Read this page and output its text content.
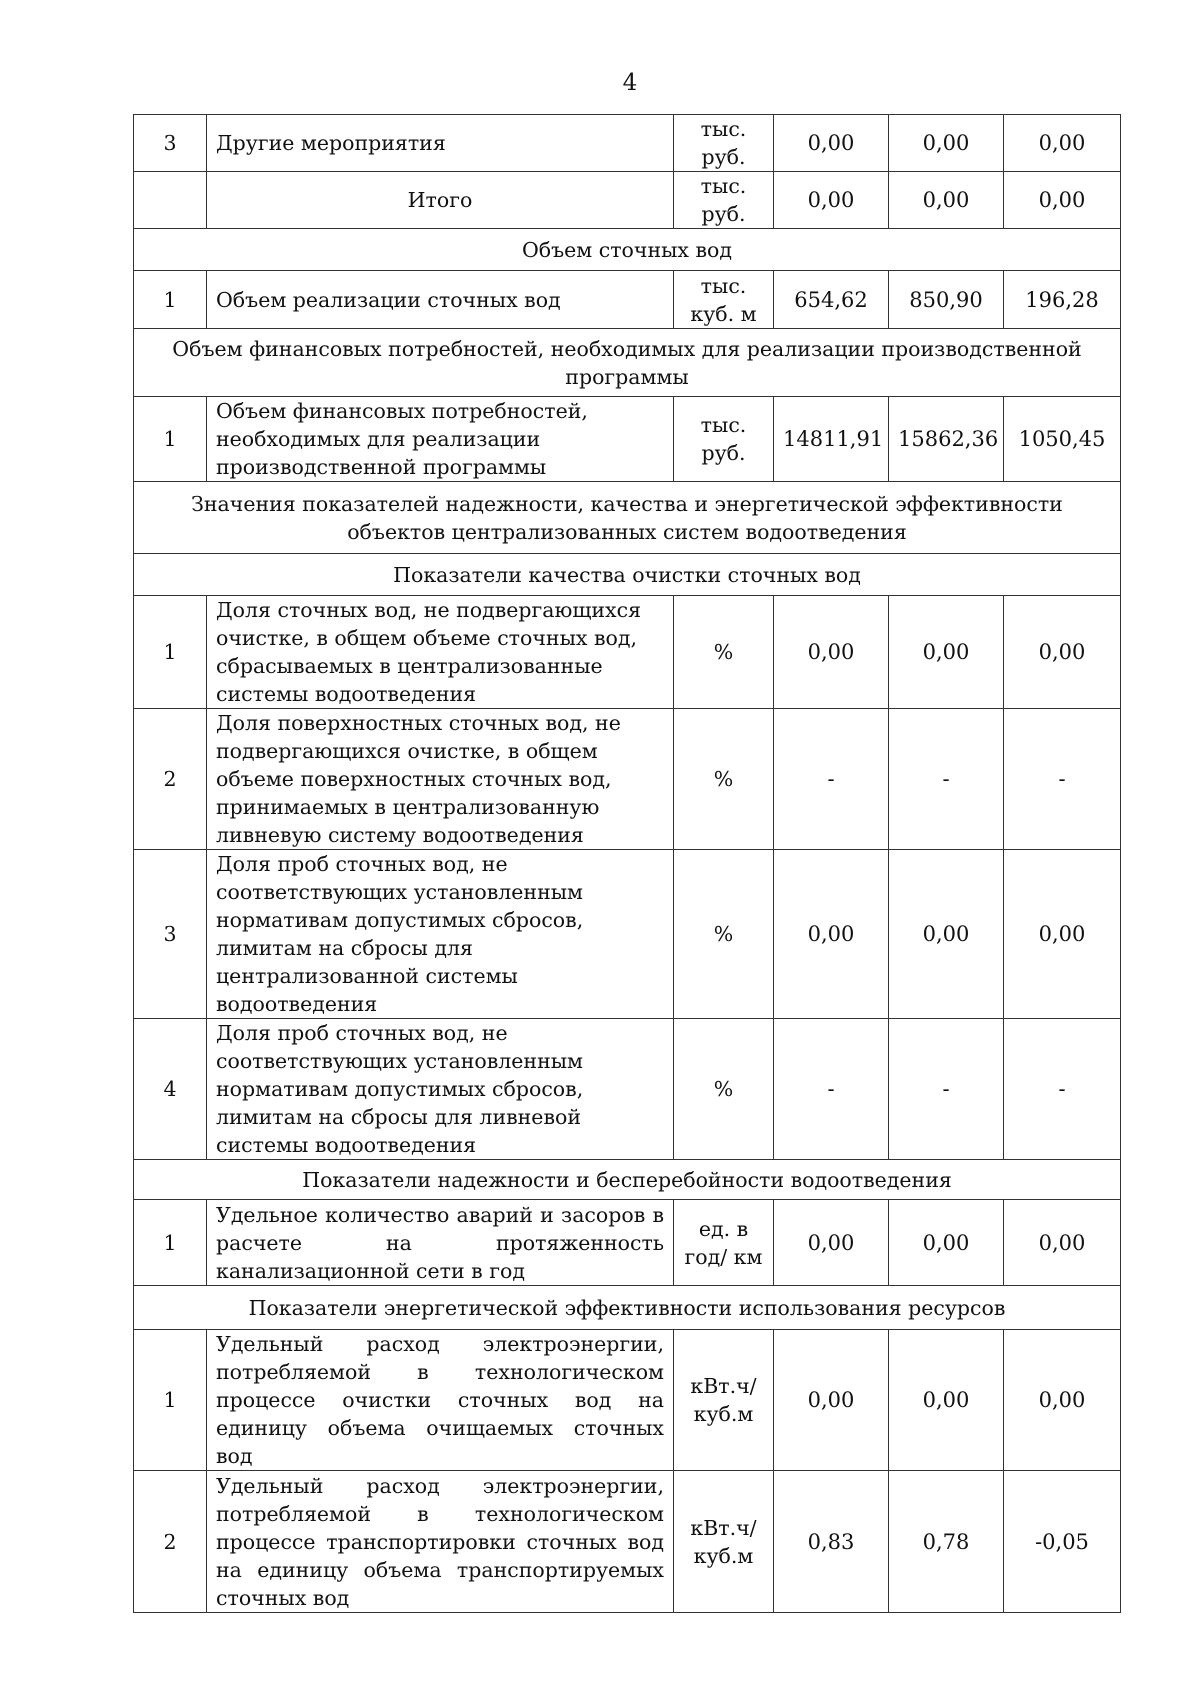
4
3	Другие мероприятия	тыс. руб.	0,00	0,00	0,00
	Итого	тыс. руб.	0,00	0,00	0,00
Объем сточных вод					
1	Объем реализации сточных вод	тыс. куб. м	654,62	850,90	196,28
Объем финансовых потребностей, необходимых для реализации производственной программы					
1	Объем финансовых потребностей, необходимых для реализации производственной программы	тыс. руб.	14811,91	15862,36	1050,45
Значения показателей надежности, качества и энергетической эффективности объектов централизованных систем водоотведения					
Показатели качества очистки сточных вод					
1	Доля сточных вод, не подвергающихся очистке, в общем объеме сточных вод, сбрасываемых в централизованные системы водоотведения	%	0,00	0,00	0,00
2	Доля поверхностных сточных вод, не подвергающихся очистке, в общем объеме поверхностных сточных вод, принимаемых в централизованную ливневую систему водоотведения	%	-	-	-
3	Доля проб сточных вод, не соответствующих установленным нормативам допустимых сбросов, лимитам на сбросы для централизованной системы водоотведения	%	0,00	0,00	0,00
4	Доля проб сточных вод, не соответствующих установленным нормативам допустимых сбросов, лимитам на сбросы для ливневой системы водоотведения	%	-	-	-
Показатели надежности и бесперебойности водоотведения					
1	Удельное количество аварий и засоров в расчете на протяженность канализационной сети в год	ед. в год/ км	0,00	0,00	0,00
Показатели энергетической эффективности использования ресурсов					
1	Удельный расход электроэнергии, потребляемой в технологическом процессе очистки сточных вод на единицу объема очищаемых сточных вод	кВт.ч/ куб.м	0,00	0,00	0,00
2	Удельный расход электроэнергии, потребляемой в технологическом процессе транспортировки сточных вод на единицу объема транспортируемых сточных вод	кВт.ч/ куб.м	0,83	0,78	-0,05
